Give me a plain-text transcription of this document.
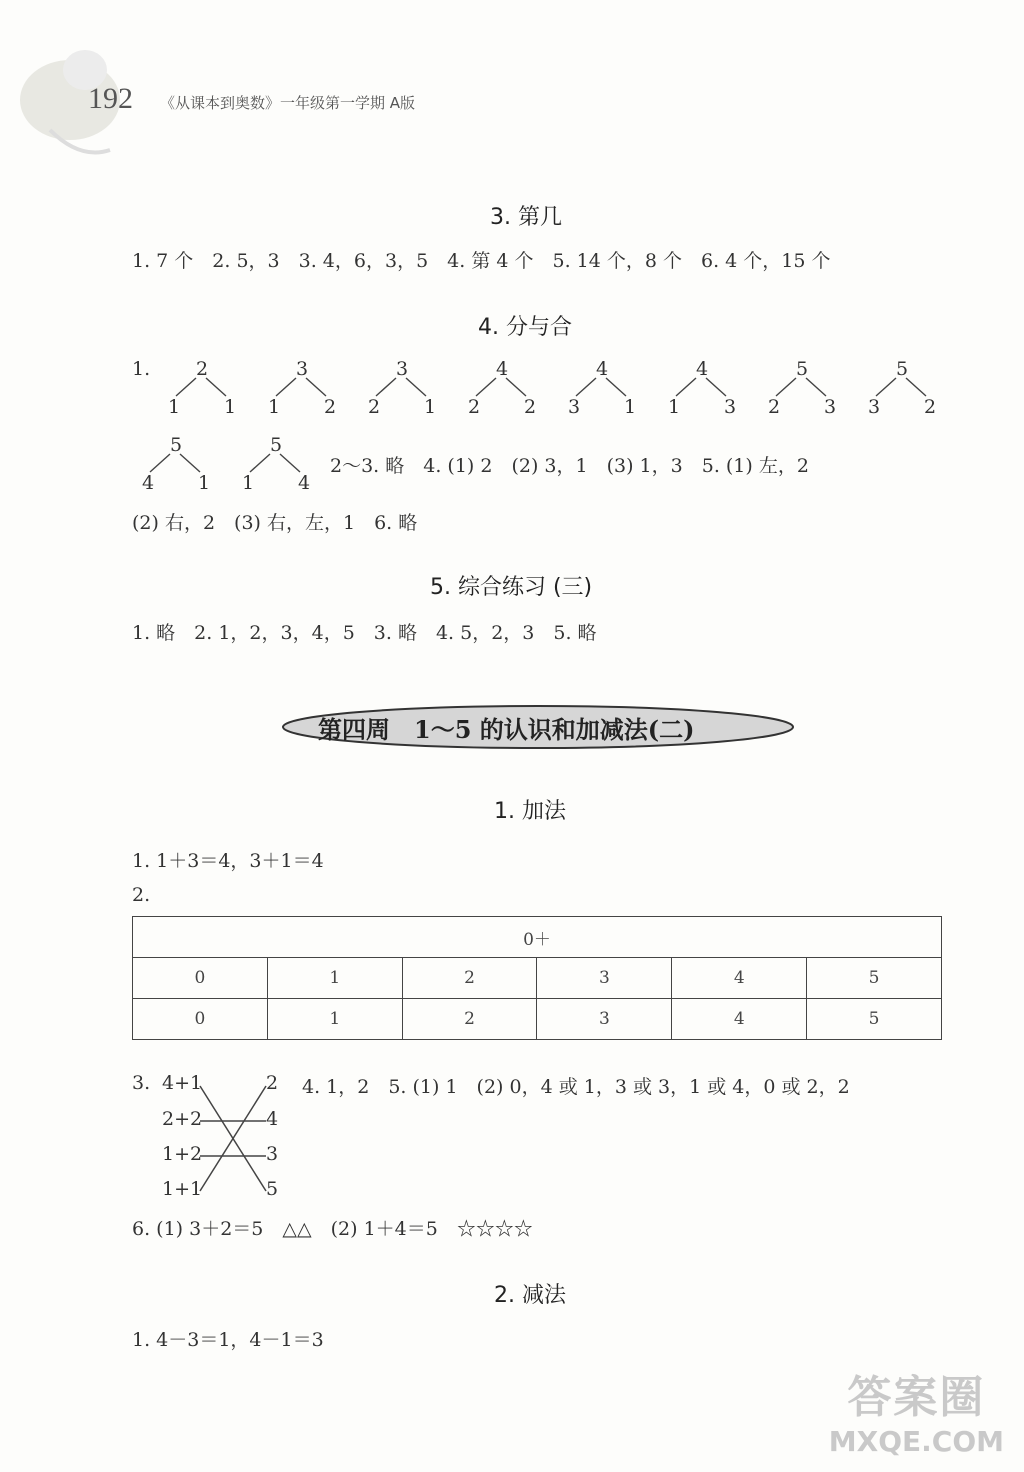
192 《从课本到奥数》一年级第一学期 A版
3. 第几
1. 7 个　2. 5，3　3. 4，6，3，5　4. 第 4 个　5. 14 个，8 个　6. 4 个，15 个
4. 分与合
1. 2
1 1
3
1 2
3
2 1
4
2 2
4
3 1
4
1 3
5
2 3
5
3 2
5
4 1
5
1 4
2～3. 略　4. (1) 2　(2) 3，1　(3) 1，3　5. (1) 左，2
(2) 右，2　(3) 右，左，1　6. 略
5. 综合练习 (三)
1. 略　2. 1，2，3，4，5　3. 略　4. 5，2，3　5. 略
第四周　1～5 的认识和加减法(二)
1. 加法
1. 1＋3＝4，3＋1＝4
2.
0＋					
0	1	2	3	4	5
0	1	2	3	4	5
3. 4+1
2+2
1+2
1+1
2
4
3
5
4. 1，2　5. (1) 1　(2) 0，4 或 1，3 或 3，1 或 4，0 或 2，2
6. (1) 3＋2＝5　△△　(2) 1＋4＝5　☆☆☆☆
2. 减法
1. 4－3＝1，4－1＝3
答案圈
MXQE.COM
